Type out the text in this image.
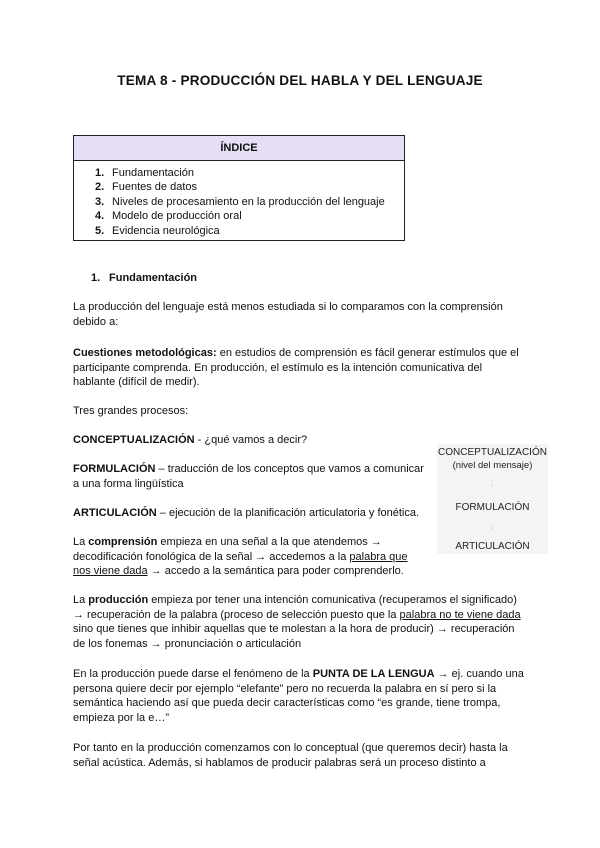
TEMA 8 - PRODUCCIÓN DEL HABLA Y DEL LENGUAJE
ÍNDICE
1. Fundamentación
2. Fuentes de datos
3. Niveles de procesamiento en la producción del lenguaje
4. Modelo de producción oral
5. Evidencia neurológica
1. Fundamentación

La producción del lenguaje está menos estudiada si lo comparamos con la comprensión debido a:

Cuestiones metodológicas: en estudios de comprensión es fácil generar estímulos que el participante comprenda. En producción, el estímulo es la intención comunicativa del hablante (difícil de medir).

Tres grandes procesos:

CONCEPTUALIZACIÓN - ¿qué vamos a decir?

FORMULACIÓN – traducción de los conceptos que vamos a comunicar a una forma lingüística

ARTICULACIÓN – ejecución de la planificación articulatoria y fonética.

La comprensión empieza en una señal a la que atendemos → decodificación fonológica de la señal → accedemos a la palabra que nos viene dada → accedo a la semántica para poder comprenderlo.

La producción empieza por tener una intención comunicativa (recuperamos el significado) → recuperación de la palabra (proceso de selección puesto que la palabra no te viene dada sino que tienes que inhibir aquellas que te molestan a la hora de producir) → recuperación de los fonemas → pronunciación o articulación

En la producción puede darse el fenómeno de la PUNTA DE LA LENGUA → ej. cuando una persona quiere decir por ejemplo “elefante” pero no recuerda la palabra en sí pero si la semántica haciendo así que pueda decir características como “es grande, tiene trompa, empieza por la e…”

Por tanto en la producción comenzamos con lo conceptual (que queremos decir) hasta la señal acústica. Además, si hablamos de producir palabras será un proceso distinto a

CONCEPTUALIZACIÓN
(nivel del mensaje)
↓
FORMULACIÓN
↓
ARTICULACIÓN
